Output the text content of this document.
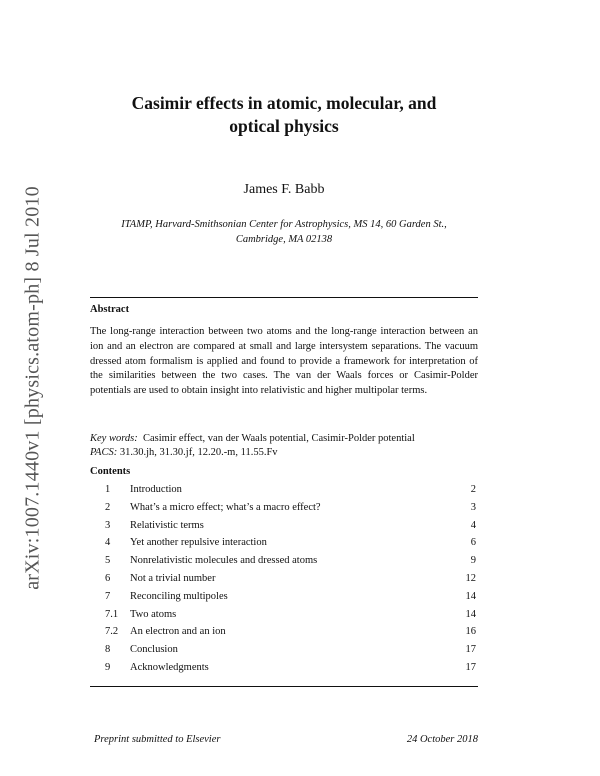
arXiv:1007.1440v1 [physics.atom-ph] 8 Jul 2010
Casimir effects in atomic, molecular, and
optical physics
James F. Babb
ITAMP, Harvard-Smithsonian Center for Astrophysics, MS 14, 60 Garden St.,
Cambridge, MA 02138
Abstract
The long-range interaction between two atoms and the long-range interaction between an ion and an electron are compared at small and large intersystem separations. The vacuum dressed atom formalism is applied and found to provide a framework for interpretation of the similarities between the two cases. The van der Waals forces or Casimir-Polder potentials are used to obtain insight into relativistic and higher multipolar terms.
Key words: Casimir effect, van der Waals potential, Casimir-Polder potential
PACS: 31.30.jh, 31.30.jf, 12.20.-m, 11.55.Fv
Contents
1 Introduction	2
2 What’s a micro effect; what’s a macro effect?	3
3 Relativistic terms	4
4 Yet another repulsive interaction	6
5 Nonrelativistic molecules and dressed atoms	9
6 Not a trivial number	12
7 Reconciling multipoles	14
7.1 Two atoms	14
7.2 An electron and an ion	16
8 Conclusion	17
9 Acknowledgments	17
Preprint submitted to Elsevier	24 October 2018
